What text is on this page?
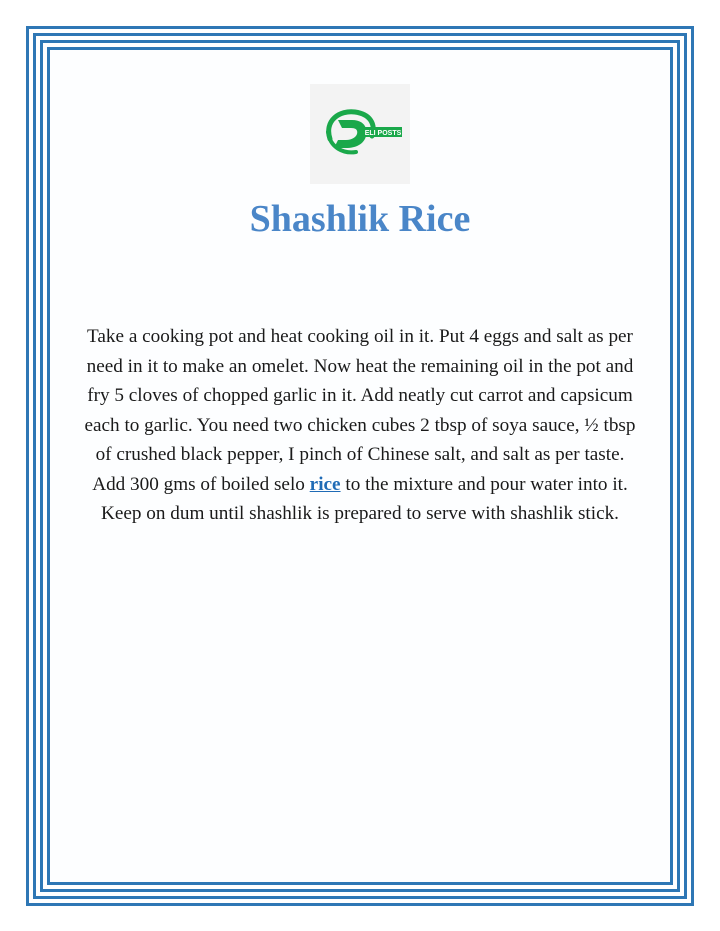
ELI POSTS
Shashlik Rice

Take a cooking pot and heat cooking oil in it. Put 4 eggs and salt as per need in it to make an omelet. Now heat the remaining oil in the pot and fry 5 cloves of chopped garlic in it. Add neatly cut carrot and capsicum each to garlic. You need two chicken cubes 2 tbsp of soya sauce, ½ tbsp of crushed black pepper, I pinch of Chinese salt, and salt as per taste. Add 300 gms of boiled selo rice to the mixture and pour water into it. Keep on dum until shashlik is prepared to serve with shashlik stick.
